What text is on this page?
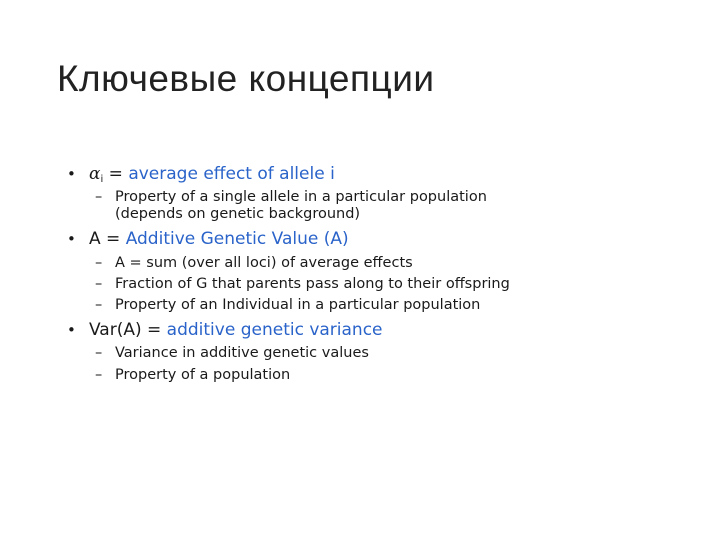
Ключевые концепции
• $\alpha_i$ = average effect of allele i
– Property of a single allele in a particular population
(depends on genetic background)
• A = Additive Genetic Value (A)
– A = sum (over all loci) of average effects
– Fraction of G that parents pass along to their offspring
– Property of an Individual in a particular population
• Var(A) = additive genetic variance
– Variance in additive genetic values
– Property of a population
